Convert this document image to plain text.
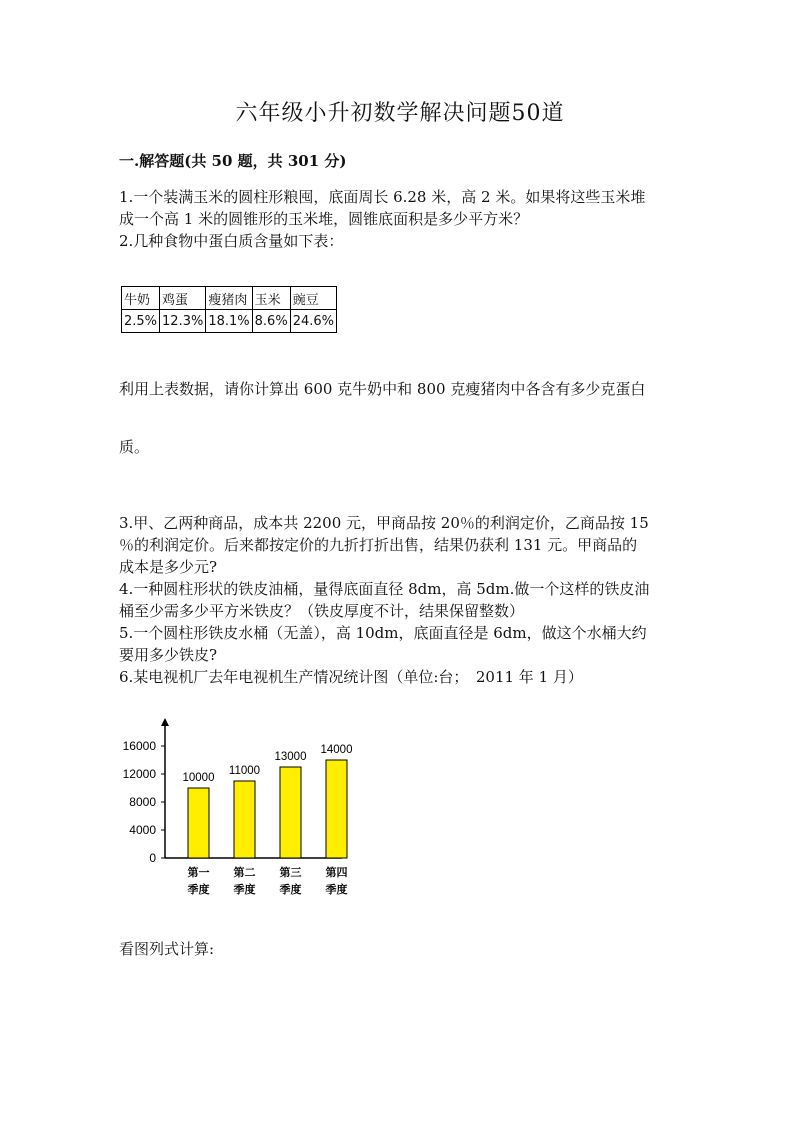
六年级小升初数学解决问题50道
一.解答题(共 50 题，共 301 分)
1.一个装满玉米的圆柱形粮囤，底面周长 6.28 米，高 2 米。如果将这些玉米堆
成一个高 1 米的圆锥形的玉米堆，圆锥底面积是多少平方米？
2.几种食物中蛋白质含量如下表：
牛奶	鸡蛋	瘦猪肉	玉米	豌豆
2.5%	12.3%	18.1%	8.6%	24.6%
利用上表数据，请你计算出 600 克牛奶中和 800 克瘦猪肉中各含有多少克蛋白
质。
3.甲、乙两种商品，成本共 2200 元，甲商品按 20％的利润定价，乙商品按 15
％的利润定价。后来都按定价的九折打折出售，结果仍获利 131 元。甲商品的
成本是多少元?
4.一种圆柱形状的铁皮油桶，量得底面直径 8dm，高 5dm.做一个这样的铁皮油
桶至少需多少平方米铁皮？（铁皮厚度不计，结果保留整数）
5.一个圆柱形铁皮水桶（无盖），高 10dm，底面直径是 6dm，做这个水桶大约
要用多少铁皮?
6.某电视机厂去年电视机生产情况统计图（单位:台；　2011 年 1 月）
0
4000
8000
12000
16000
10000
第一
季度
11000
第二
季度
13000
第三
季度
14000
第四
季度
看图列式计算:
